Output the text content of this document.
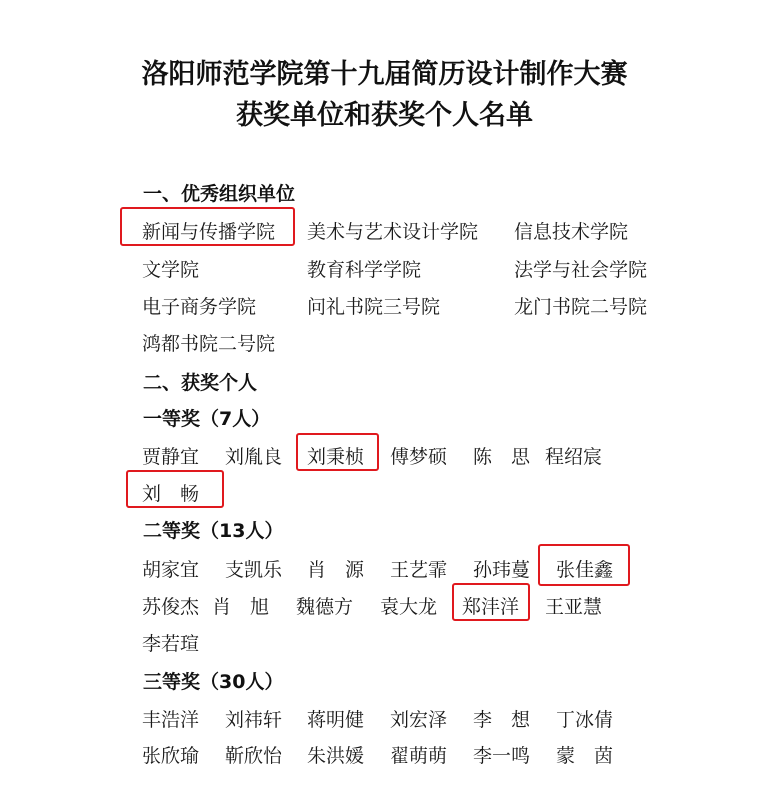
洛阳师范学院第十九届简历设计制作大赛
获奖单位和获奖个人名单
一、优秀组织单位
新闻与传播学院 美术与艺术设计学院 信息技术学院
文学院	教育科学学院	法学与社会学院
电子商务学院	问礼书院三号院	龙门书院二号院
鸿都书院二号院
二、获奖个人
一等奖（7人）
贾静宜 刘胤良 刘秉桢 傅梦硕 陈　思 程绍宸
刘　畅
二等奖（13人）
胡家宜 支凯乐 肖　源 王艺霏 孙玮蔓 张佳鑫
苏俊杰 肖　旭 魏德方 袁大龙 郑沣洋 王亚慧
李若瑄
三等奖（30人）
丰浩洋 刘祎轩 蒋明健 刘宏泽 李　想 丁冰倩
张欣瑜 靳欣怡 朱洪媛 翟萌萌 李一鸣 蒙　茵
